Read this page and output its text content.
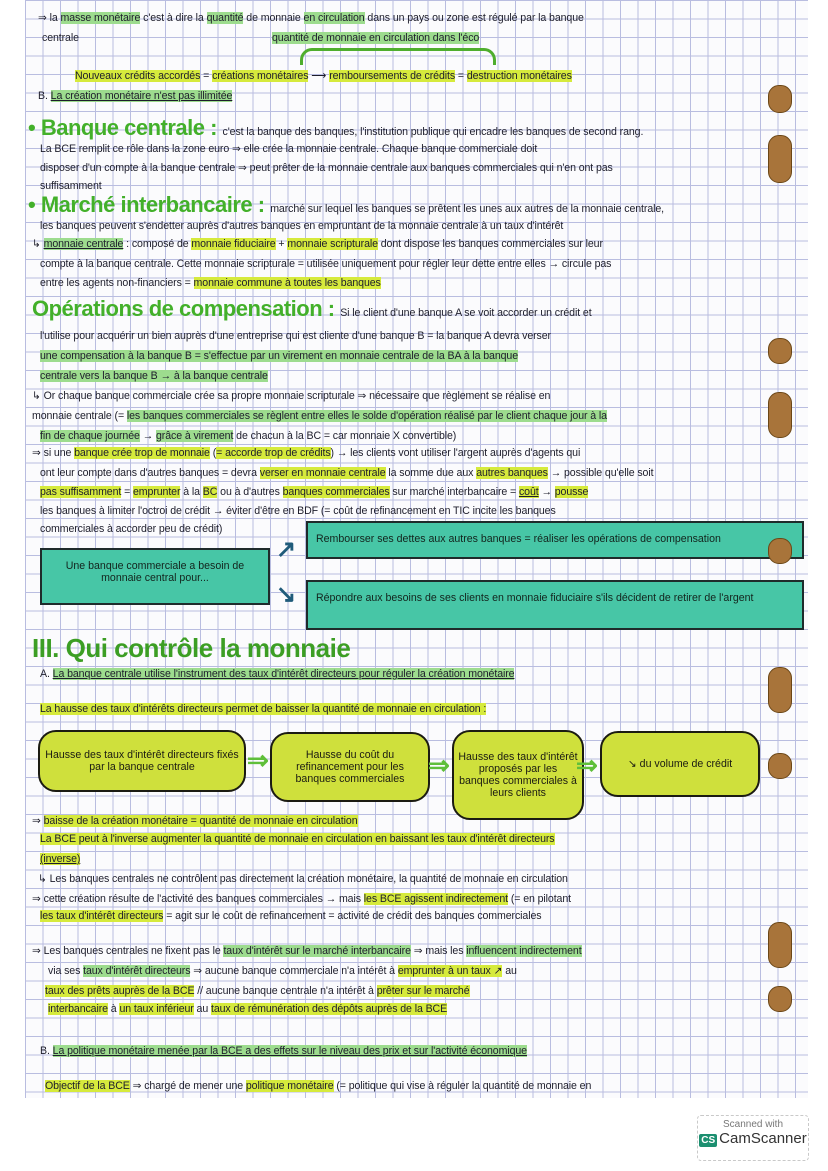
⇒ la masse monétaire c'est à dire la quantité de monnaie en circulation dans un pays ou zone est régulé par la banque
centrale	quantité de monnaie en circulation dans l'éco
Nouveaux crédits accordés = créations monétaires ⟶ remboursements de crédits = destruction monétaires
B. La création monétaire n'est pas illimitée
• Banque centrale : c'est la banque des banques, l'institution publique qui encadre les banques de second rang.
La BCE remplit ce rôle dans la zone euro ⇒ elle crée la monnaie centrale. Chaque banque commerciale doit
disposer d'un compte à la banque centrale ⇒ peut prêter de la monnaie centrale aux banques commerciales qui n'en ont pas
suffisamment
• Marché interbancaire : marché sur lequel les banques se prêtent les unes aux autres de la monnaie centrale,
les banques peuvent s'endetter auprès d'autres banques en empruntant de la monnaie centrale à un taux d'intérêt
↳ monnaie centrale : composé de monnaie fiduciaire + monnaie scripturale dont dispose les banques commerciales sur leur
compte à la banque centrale. Cette monnaie scripturale = utilisée uniquement pour régler leur dette entre elles → circule pas
entre les agents non-financiers = monnaie commune à toutes les banques
Opérations de compensation : Si le client d'une banque A se voit accorder un crédit et
l'utilise pour acquérir un bien auprès d'une entreprise qui est cliente d'une banque B = la banque A devra verser
une compensation à la banque B = s'effectue par un virement en monnaie centrale de la BA à la banque
centrale vers la banque B → à la banque centrale
↳ Or chaque banque commerciale crée sa propre monnaie scripturale ⇒ nécessaire que règlement se réalise en
monnaie centrale (= les banques commerciales se règlent entre elles le solde d'opération réalisé par le client chaque jour à la
fin de chaque journée → grâce à virement de chacun à la BC = car monnaie X convertible)
⇒ si une banque crée trop de monnaie (= accorde trop de crédits) → les clients vont utiliser l'argent auprès d'agents qui
ont leur compte dans d'autres banques = devra verser en monnaie centrale la somme due aux autres banques → possible qu'elle soit
pas suffisamment = emprunter à la BC ou à d'autres banques commerciales sur marché interbancaire = coût → pousse
les banques à limiter l'octroi de crédit → éviter d'être en BDF (= coût de refinancement en TIC incite les banques
commerciales à accorder peu de crédit)
III. Qui contrôle la monnaie
A. La banque centrale utilise l'instrument des taux d'intérêt directeurs pour réguler la création monétaire
La hausse des taux d'intérêts directeurs permet de baisser la quantité de monnaie en circulation :
⇒ baisse de la création monétaire = quantité de monnaie en circulation
La BCE peut à l'inverse augmenter la quantité de monnaie en circulation en baissant les taux d'intérêt directeurs
(inverse)
↳ Les banques centrales ne contrôlent pas directement la création monétaire, la quantité de monnaie en circulation
⇒ cette création résulte de l'activité des banques commerciales → mais les BCE agissent indirectement (= en pilotant
les taux d'intérêt directeurs = agit sur le coût de refinancement = activité de crédit des banques commerciales
⇒ Les banques centrales ne fixent pas le taux d'intérêt sur le marché interbancaire ⇒ mais les influencent indirectement
via ses taux d'intérêt directeurs ⇒ aucune banque commerciale n'a intérêt à emprunter à un taux ↗ au
taux des prêts auprès de la BCE // aucune banque centrale n'a intérêt à prêter sur le marché
interbancaire à un taux inférieur au taux de rémunération des dépôts auprès de la BCE
B. La politique monétaire menée par la BCE a des effets sur le niveau des prix et sur l'activité économique
Objectif de la BCE ⇒ chargé de mener une politique monétaire (= politique qui vise à réguler la quantité de monnaie en
Une banque commerciale a besoin de monnaie central pour...
↗
↘
Rembourser ses dettes aux autres banques = réaliser les opérations de compensation
Répondre aux besoins de ses clients en monnaie fiduciaire s'ils décident de retirer de l'argent
Hausse des taux d'intérêt directeurs fixés par la banque centrale	⇒	Hausse du coût du refinancement pour les banques commerciales ⇒ Hausse des taux d'intérêt proposés par les banques commerciales à leurs clients
⇒	↘ du volume de crédit
Scanned with
CS CamScanner
